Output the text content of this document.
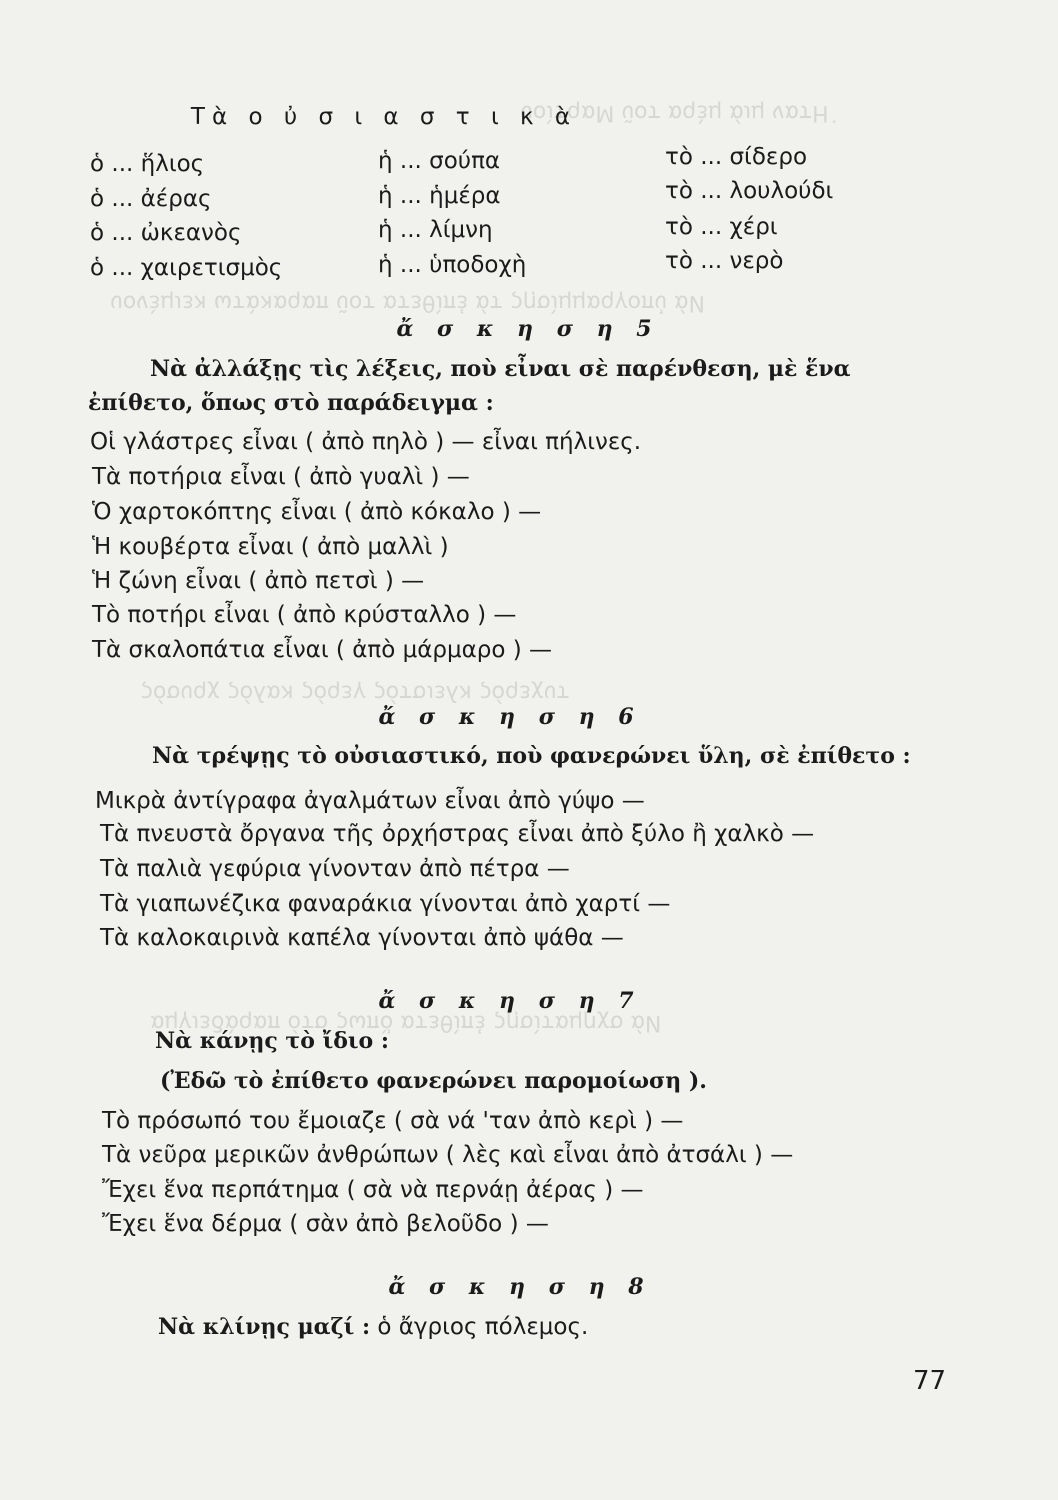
˙Ηταν μιὰ μέρα τοῦ Μαρτίου
Νὰ ὑπογραμμίσῃς τὰ ἐπίθετα τοῦ παρακάτω κειμένου
τυχερὸς κλειστὸς γερὸς καλὸς χρυσὸς
Νὰ σχηματίσῃς ἐπίθετα ὅπως στὸ παράδειγμα
Τὰ ο ὐ σ ι α σ τ ι κ ὰ
ὁ ... ἥλιος	ἡ ... σούπα	τὸ ... σίδερο
ὁ ... ἀέρας	ἡ ... ἡμέρα	τὸ ... λουλούδι
ὁ ... ὠκεανὸς	ἡ ... λίμνη	τὸ ... χέρι
ὁ ... χαιρετισμὸς	ἡ ... ὑποδοχὴ	τὸ ... νερὸ
ἄ σ κ η σ η 5
Νὰ ἀλλάξῃς τὶς λέξεις, ποὺ εἶναι σὲ παρένθεση, μὲ ἕνα
ἐπίθετο, ὅπως στὸ παράδειγμα :
Οἱ γλάστρες εἶναι ( ἀπὸ πηλὸ ) — εἶναι πήλινες.
Τὰ ποτήρια εἶναι ( ἀπὸ γυαλὶ ) —
Ὁ χαρτοκόπτης εἶναι ( ἀπὸ κόκαλο ) —
Ἡ κουβέρτα εἶναι ( ἀπὸ μαλλὶ )
Ἡ ζώνη εἶναι ( ἀπὸ πετσὶ ) —
Τὸ ποτήρι εἶναι ( ἀπὸ κρύσταλλο ) —
Τὰ σκαλοπάτια εἶναι ( ἀπὸ μάρμαρο ) —
ἄ σ κ η σ η 6
Νὰ τρέψῃς τὸ οὐσιαστικό, ποὺ φανερώνει ὕλη, σὲ ἐπίθετο :
Μικρὰ ἀντίγραφα ἀγαλμάτων εἶναι ἀπὸ γύψο —
Τὰ πνευστὰ ὄργανα τῆς ὀρχήστρας εἶναι ἀπὸ ξύλο ἢ χαλκὸ —
Τὰ παλιὰ γεφύρια γίνονταν ἀπὸ πέτρα —
Τὰ γιαπωνέζικα φαναράκια γίνονται ἀπὸ χαρτί —
Τὰ καλοκαιρινὰ καπέλα γίνονται ἀπὸ ψάθα —
ἄ σ κ η σ η 7
Νὰ κάνῃς τὸ ἴδιο :
(Ἐδῶ τὸ ἐπίθετο φανερώνει παρομοίωση ).
Τὸ πρόσωπό του ἔμοιαζε ( σὰ νά 'ταν ἀπὸ κερὶ ) —
Τὰ νεῦρα μερικῶν ἀνθρώπων ( λὲς καὶ εἶναι ἀπὸ ἀτσάλι ) —
Ἔχει ἕνα περπάτημα ( σὰ νὰ περνάῃ ἀέρας ) —
Ἔχει ἕνα δέρμα ( σὰν ἀπὸ βελοῦδο ) —
ἄ σ κ η σ η 8
Νὰ κλίνῃς μαζί : ὁ ἄγριος πόλεμος.
77
